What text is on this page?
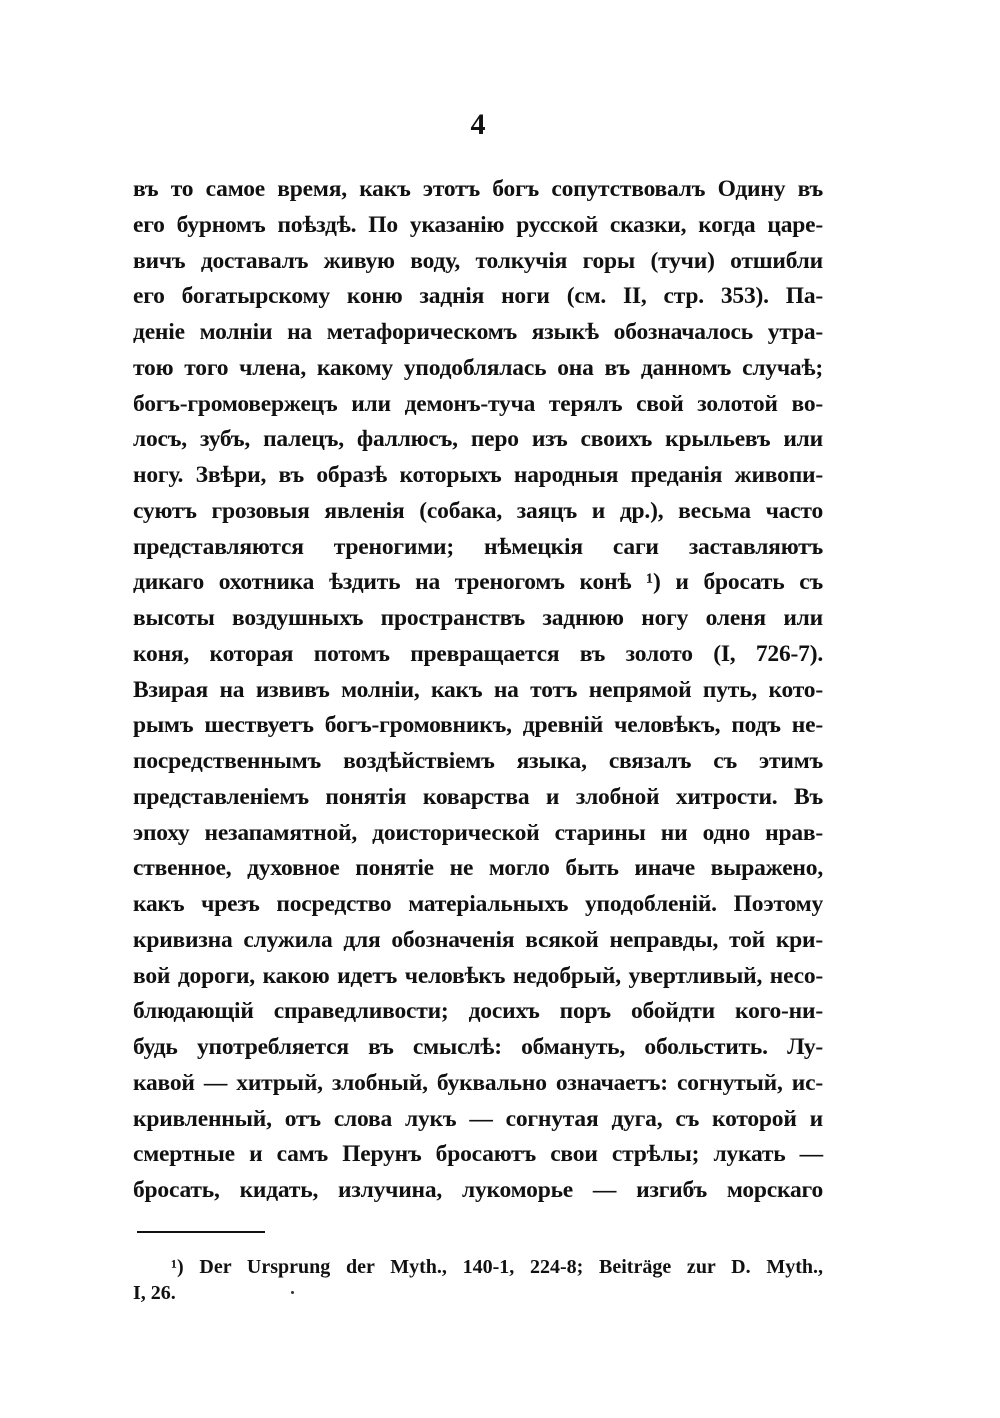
4
въ то самое время, какъ этотъ богъ сопутствовалъ Одину въ
его бурномъ поѣздѣ. По указанію русской сказки, когда царе-
вичъ доставалъ живую воду, толкучія горы (тучи) отшибли
его богатырскому коню заднія ноги (см. II, стр. 353). Па-
деніе молніи на метафорическомъ языкѣ обозначалось утра-
тою того члена, какому уподоблялась она въ данномъ случаѣ;
богъ-громовержецъ или демонъ-туча терялъ свой золотой во-
лосъ, зубъ, палецъ, фаллюсъ, перо изъ своихъ крыльевъ или
ногу. Звѣри, въ образѣ которыхъ народныя преданія живопи-
суютъ грозовыя явленія (собака, заяцъ и др.), весьма часто
представляются треногими; нѣмецкія саги заставляютъ
дикаго охотника ѣздить на треногомъ конѣ ¹) и бросать съ
высоты воздушныхъ пространствъ заднюю ногу оленя или
коня, которая потомъ превращается въ золото (I, 726-7).
Взирая на извивъ молніи, какъ на тотъ непрямой путь, кото-
рымъ шествуетъ богъ-громовникъ, древній человѣкъ, подъ не-
посредственнымъ воздѣйствіемъ языка, связалъ съ этимъ
представленіемъ понятія коварства и злобной хитрости. Въ
эпоху незапамятной, доисторической старины ни одно нрав-
ственное, духовное понятіе не могло быть иначе выражено,
какъ чрезъ посредство матеріальныхъ уподобленій. Поэтому
кривизна служила для обозначенія всякой неправды, той кри-
вой дороги, какою идетъ человѣкъ недобрый, увертливый, несо-
блюдающій справедливости; досихъ поръ обойдти кого-ни-
будь употребляется въ смыслѣ: обмануть, обольстить. Лу-
кавой — хитрый, злобный, буквально означаетъ: согнутый, ис-
кривленный, отъ слова лукъ — согнутая дуга, съ которой и
смертные и самъ Перунъ бросаютъ свои стрѣлы; лукать —
бросать, кидать, излучина, лукоморье — изгибъ морскаго
¹) Der Ursprung der Myth., 140-1, 224-8; Beiträge zur D. Myth.,
I, 26.
